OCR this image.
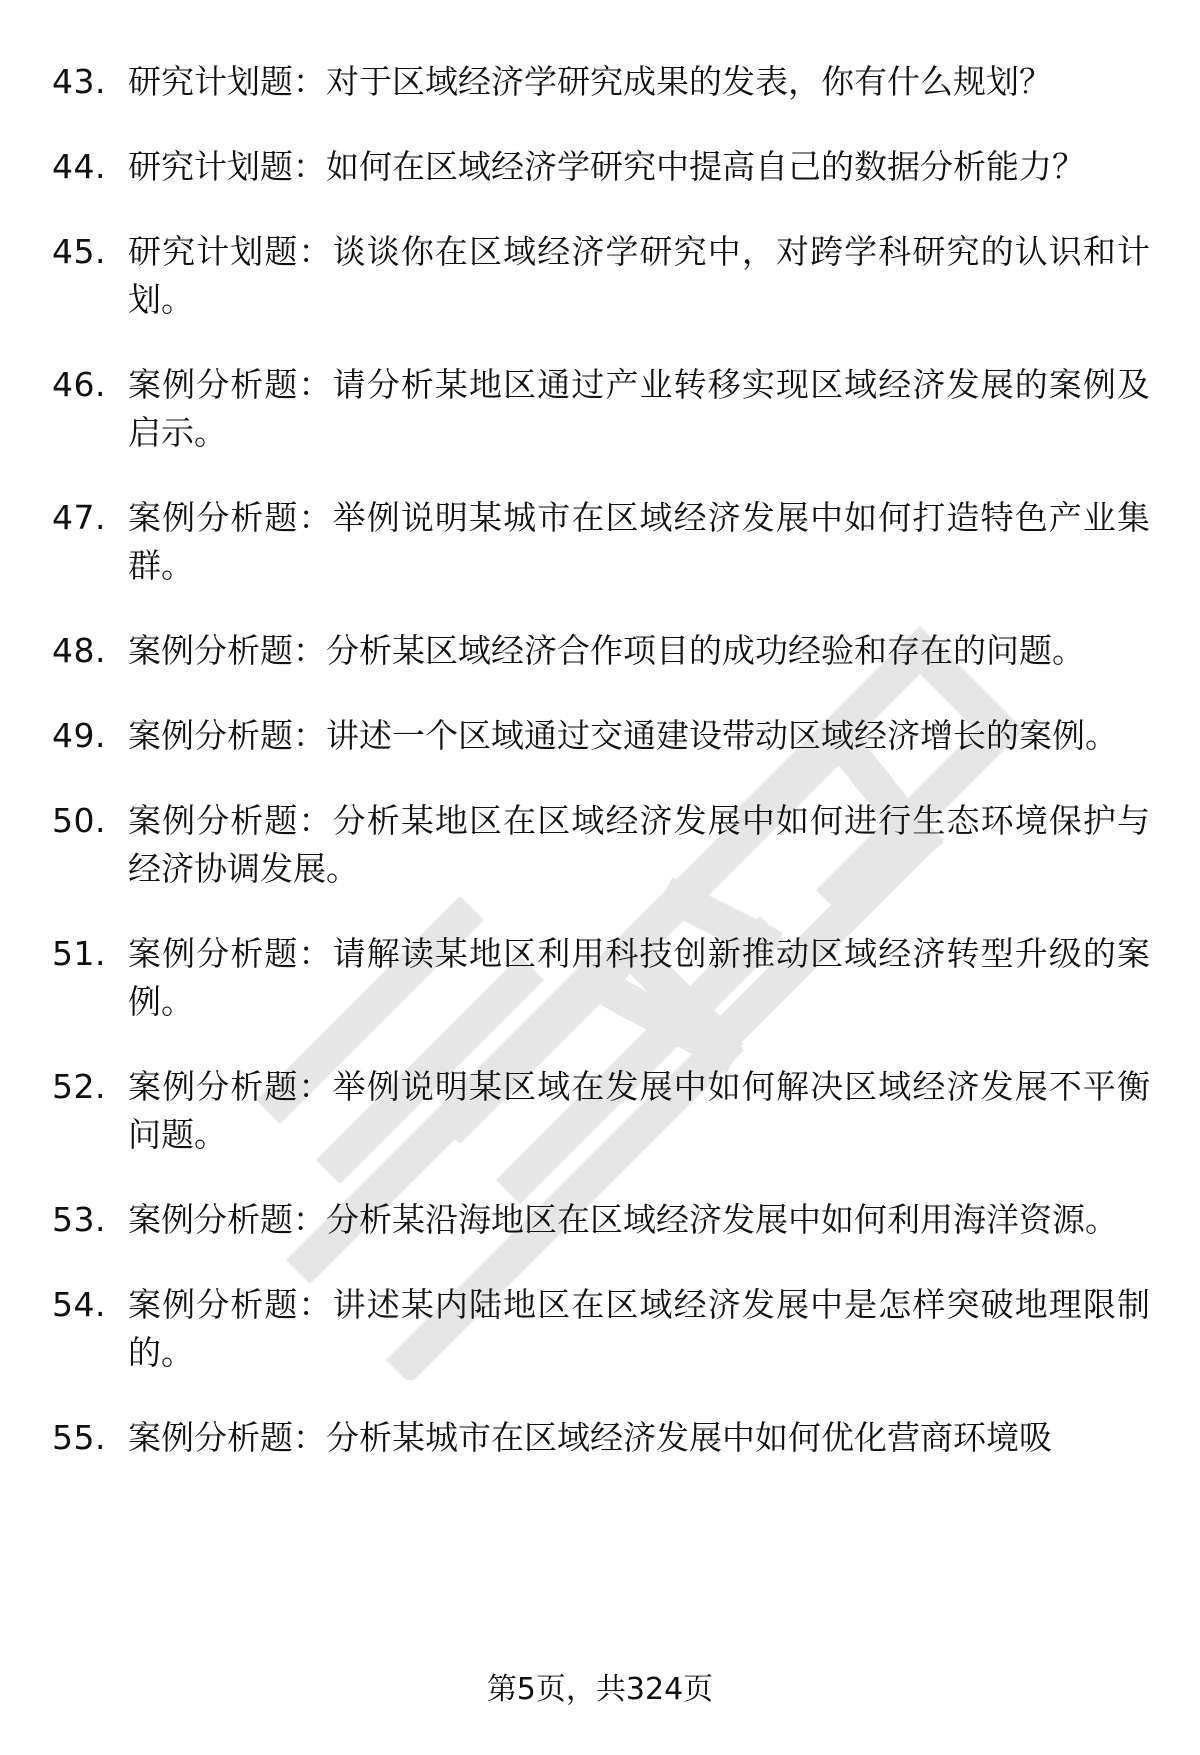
43. 研究计划题：对于区域经济学研究成果的发表，你有什么规划？
44. 研究计划题：如何在区域经济学研究中提高自己的数据分析能力？
45. 研究计划题：谈谈你在区域经济学研究中，对跨学科研究的认识和计划。
46. 案例分析题：请分析某地区通过产业转移实现区域经济发展的案例及启示。
47. 案例分析题：举例说明某城市在区域经济发展中如何打造特色产业集群。
48. 案例分析题：分析某区域经济合作项目的成功经验和存在的问题。
49. 案例分析题：讲述一个区域通过交通建设带动区域经济增长的案例。
50. 案例分析题：分析某地区在区域经济发展中如何进行生态环境保护与经济协调发展。
51. 案例分析题：请解读某地区利用科技创新推动区域经济转型升级的案例。
52. 案例分析题：举例说明某区域在发展中如何解决区域经济发展不平衡问题。
53. 案例分析题：分析某沿海地区在区域经济发展中如何利用海洋资源。
54. 案例分析题：讲述某内陆地区在区域经济发展中是怎样突破地理限制的。
55. 案例分析题：分析某城市在区域经济发展中如何优化营商环境吸
第5页，共324页
